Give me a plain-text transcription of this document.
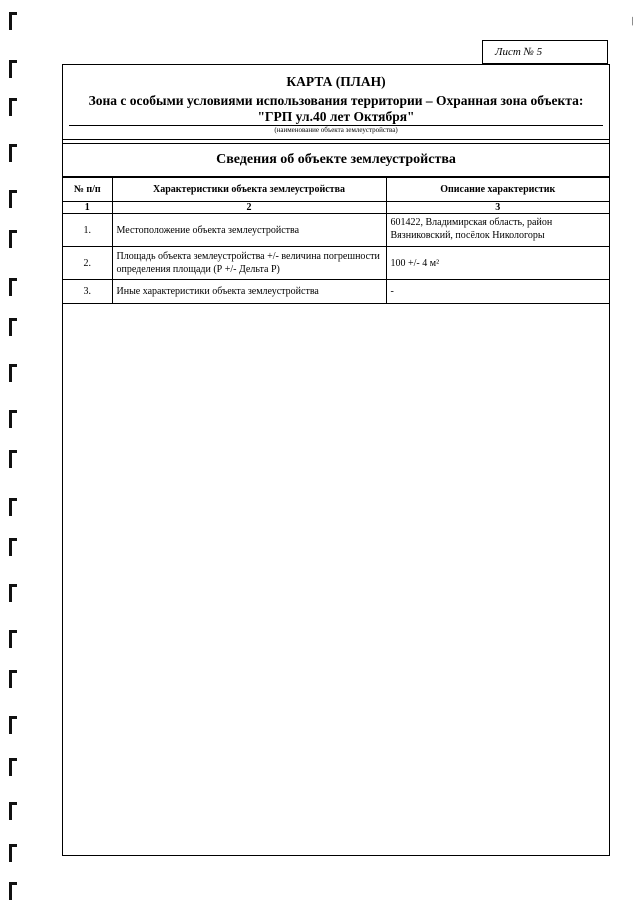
/
Лист № 5
КАРТА (ПЛАН)
Зона с особыми условиями использования территории – Охранная зона объекта:
"ГРП ул.40 лет Октября"
(наименование объекта землеустройства)
Сведения об объекте землеустройства
№ п/п	Характеристики объекта землеустройства	Описание характеристик
1	2	3
1.	Местоположение объекта землеустройства	601422, Владимирская область, район Вязниковский, посёлок Никологоры
2.	Площадь объекта землеустройства +/- величина погрешности определения площади (Р +/- Дельта Р)	100 +/- 4 м²
3.	Иные характеристики объекта землеустройства	-
